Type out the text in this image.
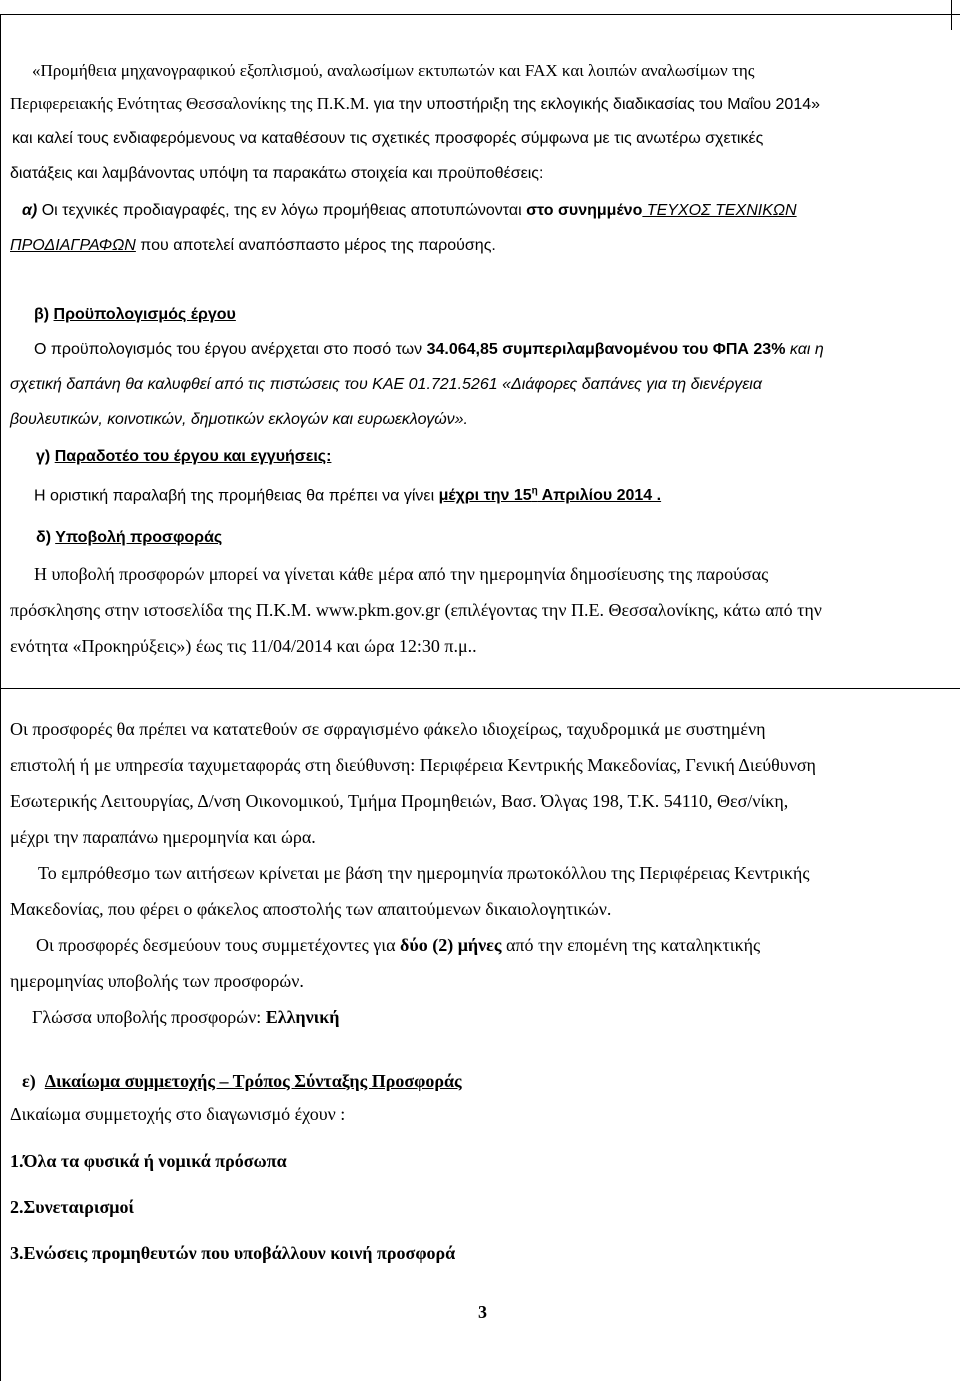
«Προμήθεια μηχανογραφικού εξοπλισμού, αναλωσίμων εκτυπωτών και FAX και λοιπών αναλωσίμων της
Περιφερειακής Ενότητας Θεσσαλονίκης της Π.Κ.Μ. για την υποστήριξη της εκλογικής διαδικασίας του Μαΐου 2014»
και καλεί τους ενδιαφερόμενους να καταθέσουν τις σχετικές προσφορές σύμφωνα με τις ανωτέρω σχετικές
διατάξεις και λαμβάνοντας υπόψη τα παρακάτω στοιχεία και προϋποθέσεις:
α) Οι τεχνικές προδιαγραφές, της εν λόγω προμήθειας αποτυπώνονται στο συνημμένο ΤΕΥΧΟΣ ΤΕΧΝΙΚΩΝ
ΠΡΟΔΙΑΓΡΑΦΩΝ που αποτελεί αναπόσπαστο μέρος της παρούσης.
β) Προϋπολογισμός έργου
Ο προϋπολογισμός του έργου ανέρχεται στο ποσό των 34.064,85 συμπεριλαμβανομένου του ΦΠΑ 23% και η
σχετική δαπάνη θα καλυφθεί από τις πιστώσεις του ΚΑΕ 01.721.5261 «Διάφορες δαπάνες για τη διενέργεια
βουλευτικών, κοινοτικών, δημοτικών εκλογών και ευρωεκλογών».
γ) Παραδοτέο του έργου και εγγυήσεις:
Η οριστική παραλαβή της προμήθειας θα πρέπει να γίνει μέχρι την $15^\eta$ Απριλίου 2014 .
δ) Υποβολή προσφοράς
Η υποβολή προσφορών μπορεί να γίνεται κάθε μέρα από την ημερομηνία δημοσίευσης της παρούσας
πρόσκλησης στην ιστοσελίδα της Π.Κ.Μ. www.pkm.gov.gr (επιλέγοντας την Π.Ε. Θεσσαλονίκης, κάτω από την
ενότητα «Προκηρύξεις») έως τις 11/04/2014 και ώρα 12:30 π.μ..
Οι προσφορές θα πρέπει να κατατεθούν σε σφραγισμένο φάκελο ιδιοχείρως, ταχυδρομικά με συστημένη
επιστολή ή με υπηρεσία ταχυμεταφοράς στη διεύθυνση: Περιφέρεια Κεντρικής Μακεδονίας, Γενική Διεύθυνση
Εσωτερικής Λειτουργίας, Δ/νση Οικονομικού, Τμήμα Προμηθειών, Βασ. Όλγας 198, Τ.Κ. 54110, Θεσ/νίκη,
μέχρι την παραπάνω ημερομηνία και ώρα.
Το εμπρόθεσμο των αιτήσεων κρίνεται με βάση την ημερομηνία πρωτοκόλλου της Περιφέρειας Κεντρικής
Μακεδονίας, που φέρει ο φάκελος αποστολής των απαιτούμενων δικαιολογητικών.
Οι προσφορές δεσμεύουν τους συμμετέχοντες για δύο (2) μήνες από την επομένη της καταληκτικής
ημερομηνίας υποβολής των προσφορών.
Γλώσσα υποβολής προσφορών: Ελληνική
ε) Δικαίωμα συμμετοχής – Τρόπος Σύνταξης Προσφοράς
Δικαίωμα συμμετοχής στο διαγωνισμό έχουν :
1.Όλα τα φυσικά ή νομικά πρόσωπα
2.Συνεταιρισμοί
3.Ενώσεις προμηθευτών που υποβάλλουν κοινή προσφορά
3
